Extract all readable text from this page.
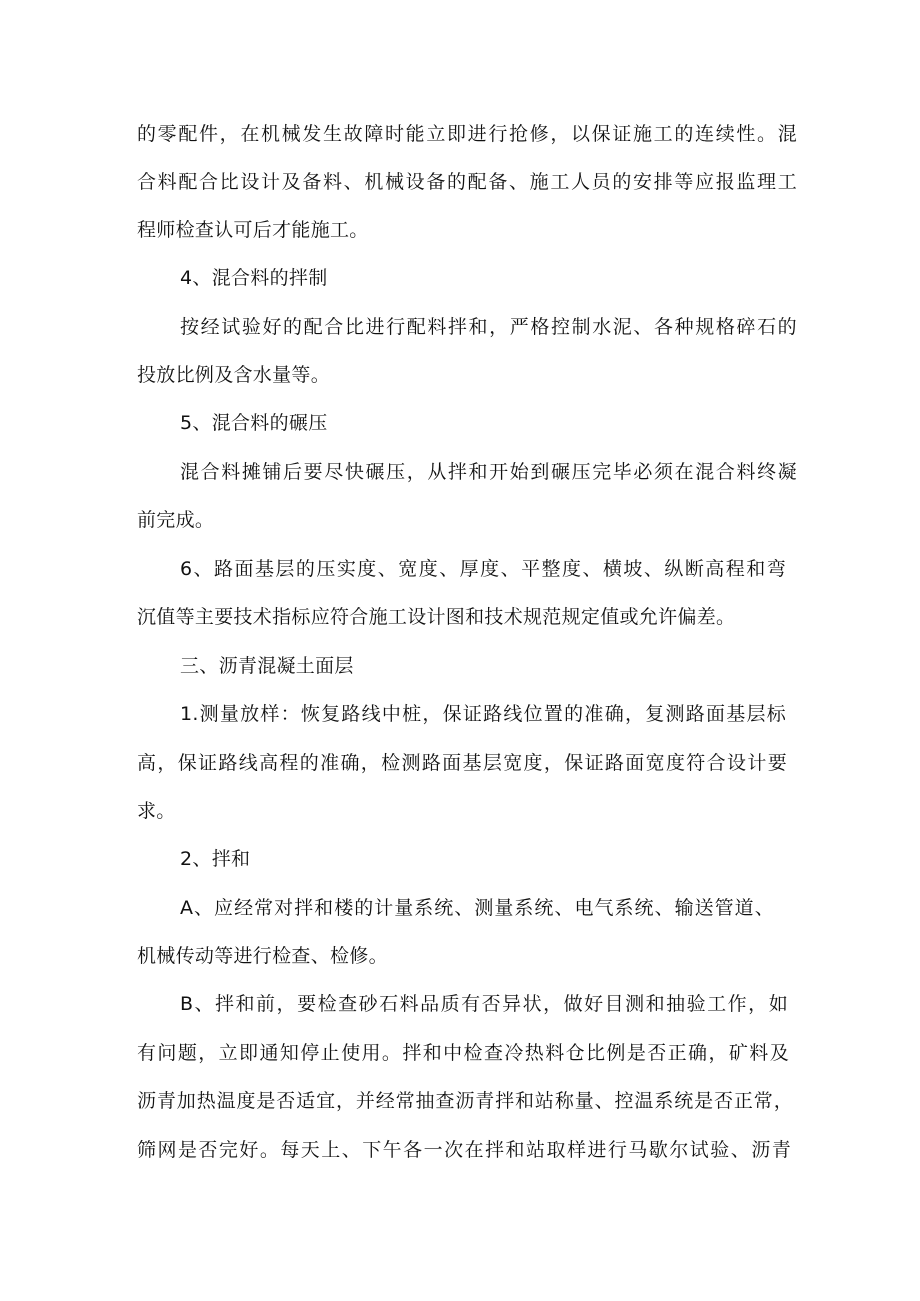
的零配件，在机械发生故障时能立即进行抢修，以保证施工的连续性。混
合料配合比设计及备料、机械设备的配备、施工人员的安排等应报监理工
程师检查认可后才能施工。
4、混合料的拌制
按经试验好的配合比进行配料拌和，严格控制水泥、各种规格碎石的
投放比例及含水量等。
5、混合料的碾压
混合料摊铺后要尽快碾压，从拌和开始到碾压完毕必须在混合料终凝
前完成。
6、路面基层的压实度、宽度、厚度、平整度、横坡、纵断高程和弯
沉值等主要技术指标应符合施工设计图和技术规范规定值或允许偏差。
三、沥青混凝土面层
1.测量放样：恢复路线中桩，保证路线位置的准确，复测路面基层标
高，保证路线高程的准确，检测路面基层宽度，保证路面宽度符合设计要
求。
2、拌和
A、应经常对拌和楼的计量系统、测量系统、电气系统、输送管道、
机械传动等进行检查、检修。
B、拌和前，要检查砂石料品质有否异状，做好目测和抽验工作，如
有问题，立即通知停止使用。拌和中检查冷热料仓比例是否正确，矿料及
沥青加热温度是否适宜，并经常抽查沥青拌和站称量、控温系统是否正常，
筛网是否完好。每天上、下午各一次在拌和站取样进行马歇尔试验、沥青
